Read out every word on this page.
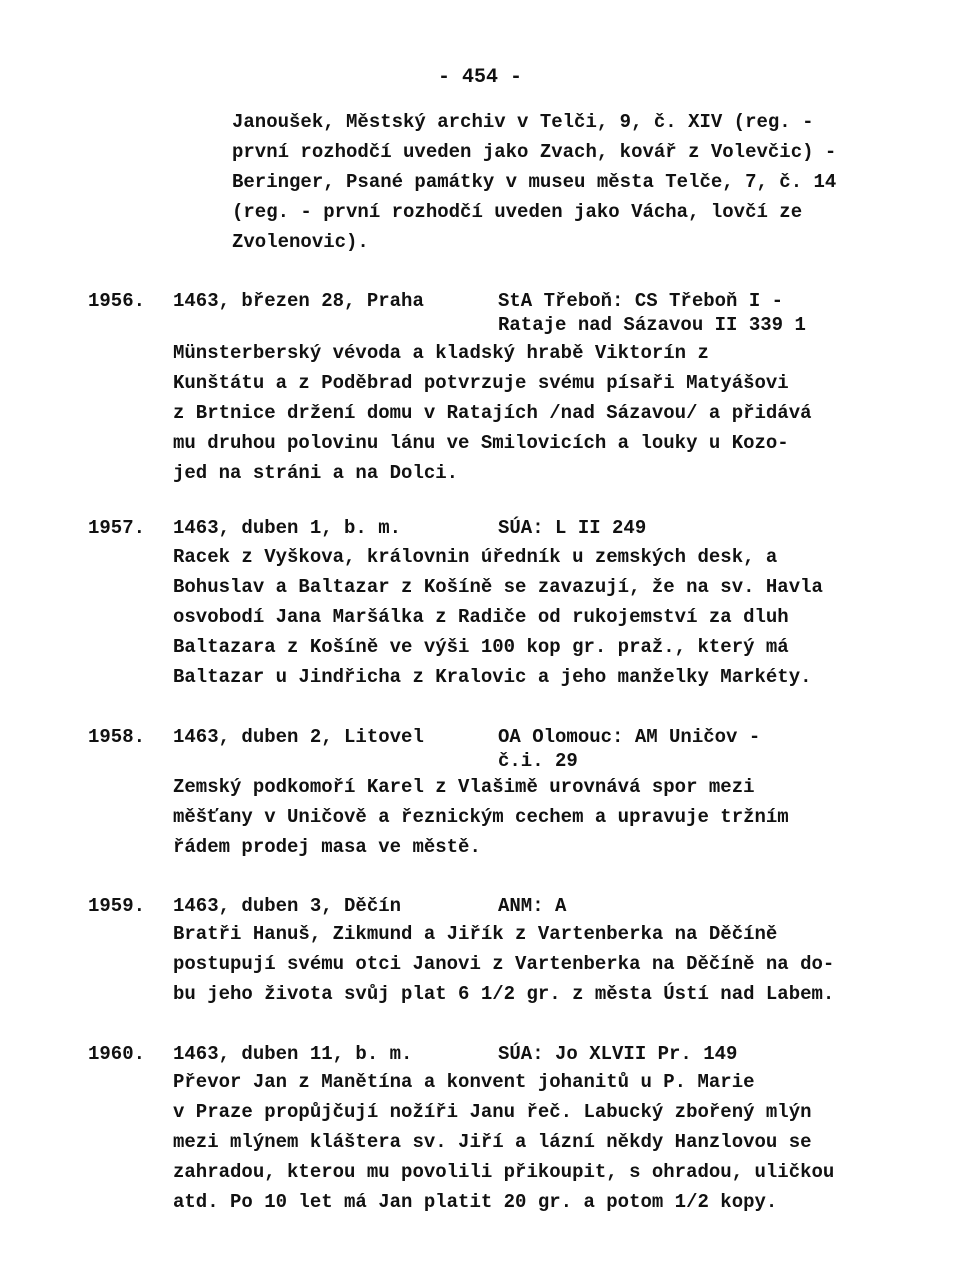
- 454 -
Janoušek, Městský archiv v Telči, 9, č. XIV (reg. -
první rozhodčí uveden jako Zvach, kovář z Volevčic) -
Beringer, Psané památky v museu města Telče, 7, č. 14
(reg. - první rozhodčí uveden jako Vácha, lovčí ze
Zvolenovic).
1956. 1463, březen 28, Praha	StA Třeboň: CS Třeboň I -
Rataje nad Sázavou II 339 1
Münsterberský vévoda a kladský hrabě Viktorín z
Kunštátu a z Poděbrad potvrzuje svému písaři Matyášovi
z Brtnice držení domu v Ratajích /nad Sázavou/ a přidává
mu druhou polovinu lánu ve Smilovicích a louky u Kozo-
jed na stráni a na Dolci.
1957. 1463, duben 1, b. m.	SÚA: L II 249
Racek z Vyškova, královnin úředník u zemských desk, a
Bohuslav a Baltazar z Košíně se zavazují, že na sv. Havla
osvobodí Jana Maršálka z Radiče od rukojemství za dluh
Baltazara z Košíně ve výši 100 kop gr. praž., který má
Baltazar u Jindřicha z Kralovic a jeho manželky Markéty.
1958. 1463, duben 2, Litovel	OA Olomouc: AM Uničov -
č.i. 29
Zemský podkomoří Karel z Vlašimě urovnává spor mezi
měšťany v Uničově a řeznickým cechem a upravuje tržním
řádem prodej masa ve městě.
1959. 1463, duben 3, Děčín	ANM: A
Bratři Hanuš, Zikmund a Jiřík z Vartenberka na Děčíně
postupují svému otci Janovi z Vartenberka na Děčíně na do-
bu jeho života svůj plat 6 1/2 gr. z města Ústí nad Labem.
1960. 1463, duben 11, b. m.	SÚA: Jo XLVII Pr. 149
Převor Jan z Manětína a konvent johanitů u P. Marie
v Praze propůjčují nožíři Janu řeč. Labucký zbořený mlýn
mezi mlýnem kláštera sv. Jiří a lázní někdy Hanzlovou se
zahradou, kterou mu povolili přikoupit, s ohradou, uličkou
atd. Po 10 let má Jan platit 20 gr. a potom 1/2 kopy.
